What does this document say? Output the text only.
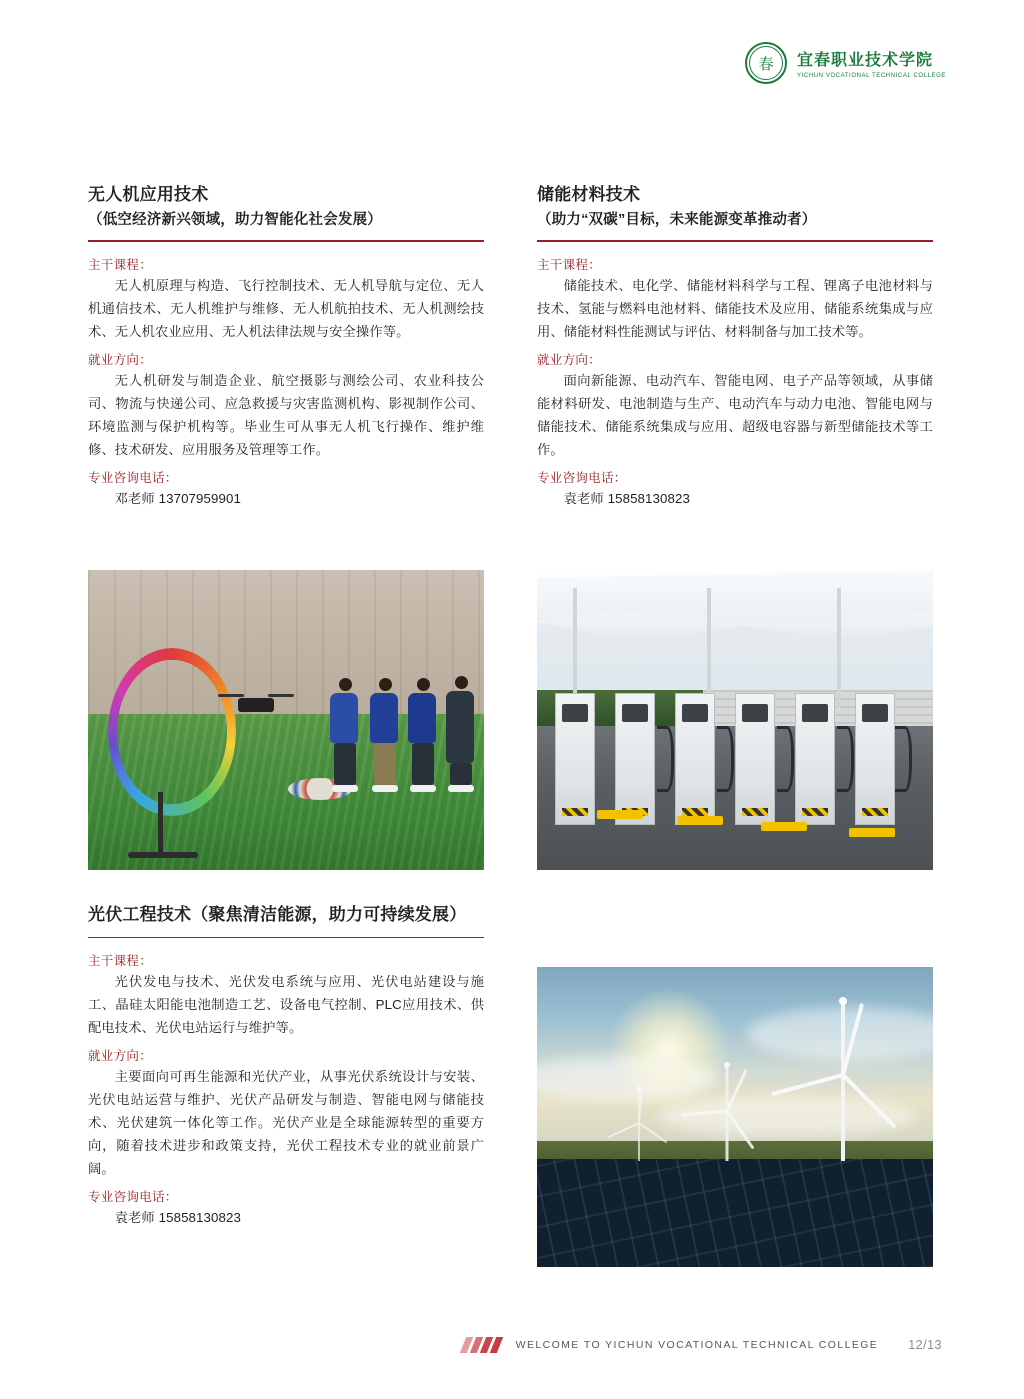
春	宜春职业技术学院
YICHUN VOCATIONAL TECHNICAL COLLEGE
无人机应用技术

（低空经济新兴领域，助力智能化社会发展）

主干课程：

无人机原理与构造、飞行控制技术、无人机导航与定位、无人机通信技术、无人机维护与维修、无人机航拍技术、无人机测绘技术、无人机农业应用、无人机法律法规与安全操作等。

就业方向：

无人机研发与制造企业、航空摄影与测绘公司、农业科技公司、物流与快递公司、应急救援与灾害监测机构、影视制作公司、环境监测与保护机构等。毕业生可从事无人机飞行操作、维护维修、技术研发、应用服务及管理等工作。

专业咨询电话：

邓老师 13707959901

储能材料技术

（助力“双碳”目标，未来能源变革推动者）

主干课程：

储能技术、电化学、储能材料科学与工程、锂离子电池材料与技术、氢能与燃料电池材料、储能技术及应用、储能系统集成与应用、储能材料性能测试与评估、材料制备与加工技术等。

就业方向：

面向新能源、电动汽车、智能电网、电子产品等领域，从事储能材料研发、电池制造与生产、电动汽车与动力电池、智能电网与储能技术、储能系统集成与应用、超级电容器与新型储能技术等工作。

专业咨询电话：

袁老师 15858130823

光伏工程技术（聚焦清洁能源，助力可持续发展）

主干课程：

光伏发电与技术、光伏发电系统与应用、光伏电站建设与施工、晶硅太阳能电池制造工艺、设备电气控制、PLC应用技术、供配电技术、光伏电站运行与维护等。

就业方向：

主要面向可再生能源和光伏产业，从事光伏系统设计与安装、光伏电站运营与维护、光伏产品研发与制造、智能电网与储能技术、光伏建筑一体化等工作。光伏产业是全球能源转型的重要方向，随着技术进步和政策支持，光伏工程技术专业的就业前景广阔。

专业咨询电话：

袁老师 15858130823

WELCOME TO YICHUN VOCATIONAL TECHNICAL COLLEGE 12/13
